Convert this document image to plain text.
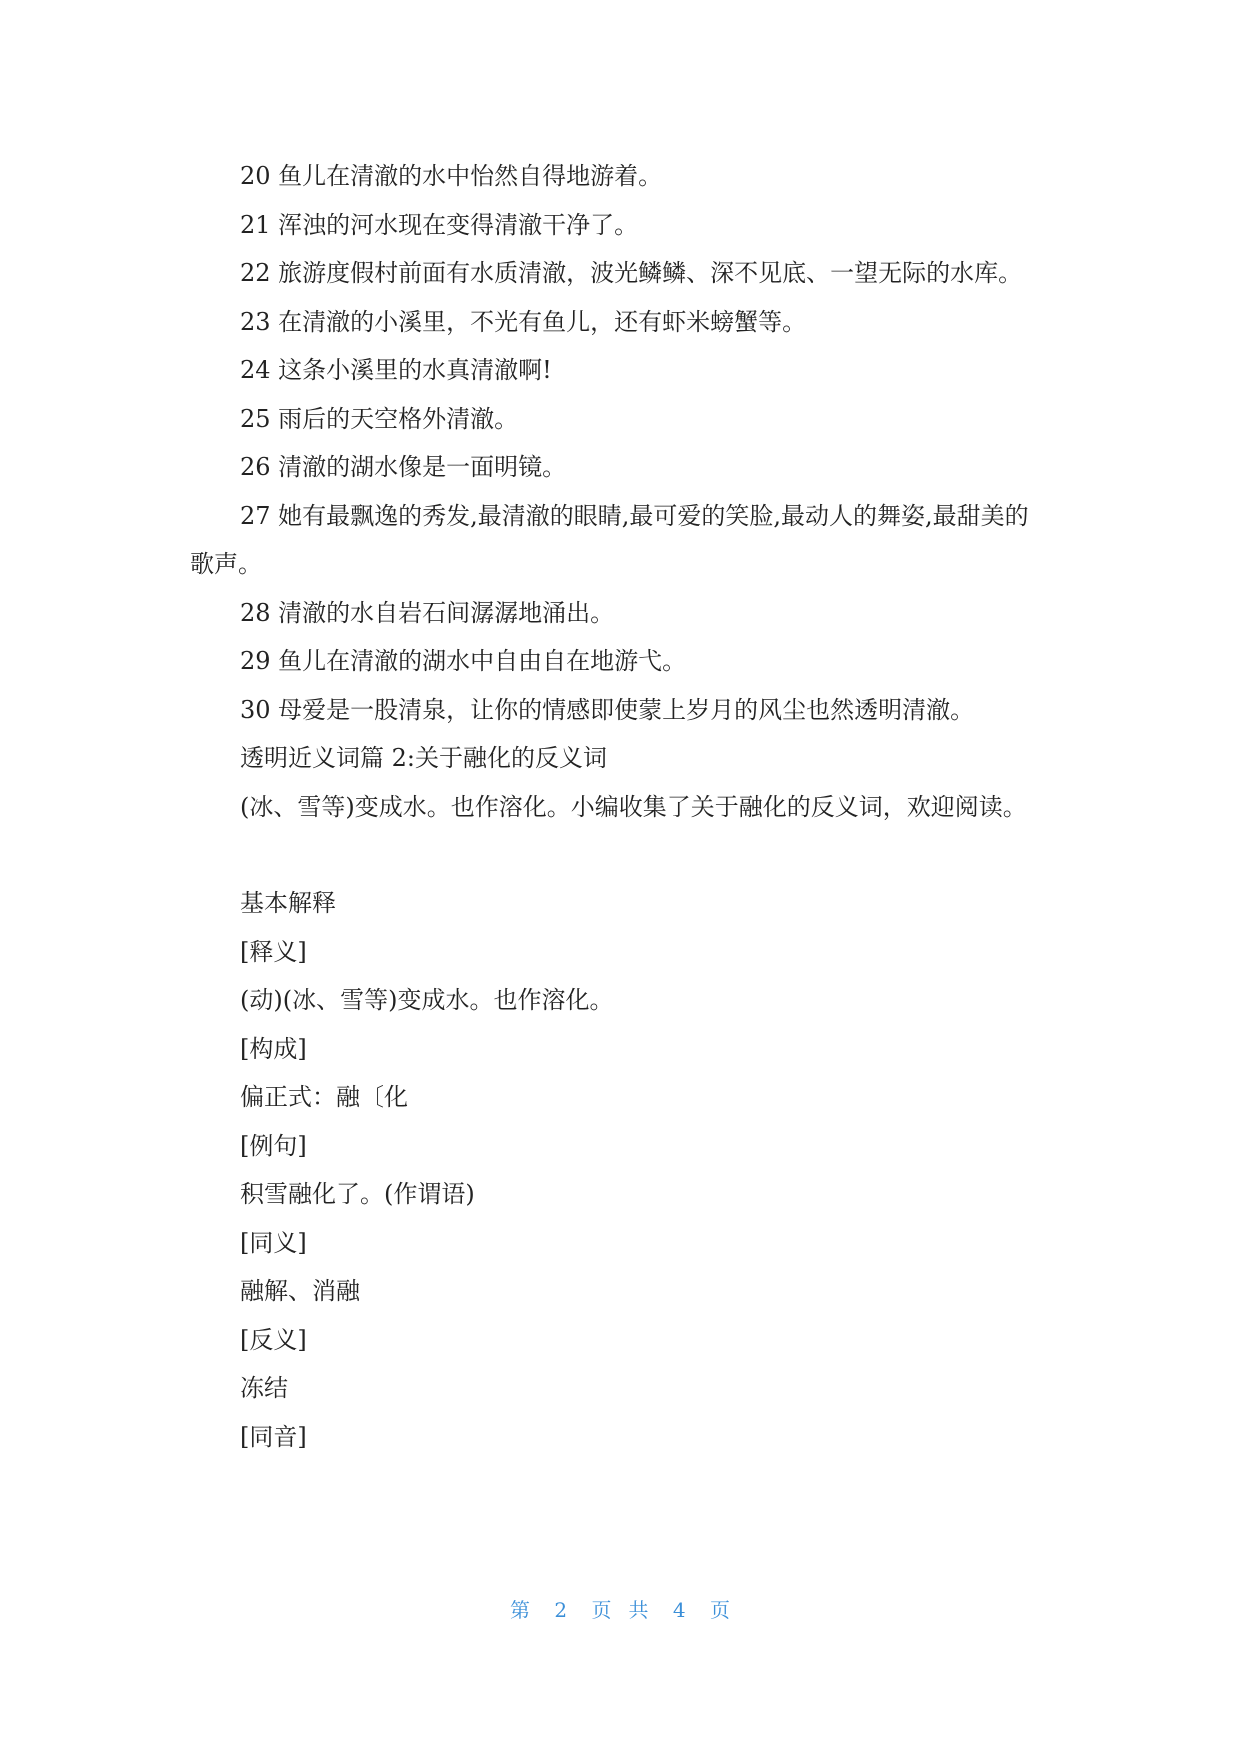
20 鱼儿在清澈的水中怡然自得地游着。

21 浑浊的河水现在变得清澈干净了。

22 旅游度假村前面有水质清澈，波光鳞鳞、深不见底、一望无际的水库。

23 在清澈的小溪里，不光有鱼儿，还有虾米螃蟹等。

24 这条小溪里的水真清澈啊!

25 雨后的天空格外清澈。

26 清澈的湖水像是一面明镜。

27 她有最飘逸的秀发,最清澈的眼睛,最可爱的笑脸,最动人的舞姿,最甜美的歌声。

28 清澈的水自岩石间潺潺地涌出。

29 鱼儿在清澈的湖水中自由自在地游弋。

30 母爱是一股清泉，让你的情感即使蒙上岁月的风尘也然透明清澈。

透明近义词篇 2:关于融化的反义词

(冰、雪等)变成水。也作溶化。小编收集了关于融化的反义词，欢迎阅读。

基本解释

[释义]

(动)(冰、雪等)变成水。也作溶化。

[构成]

偏正式：融〔化

[例句]

积雪融化了。(作谓语)

[同义]

融解、消融

[反义]

冻结

[同音]

第 2 页 共 4 页
